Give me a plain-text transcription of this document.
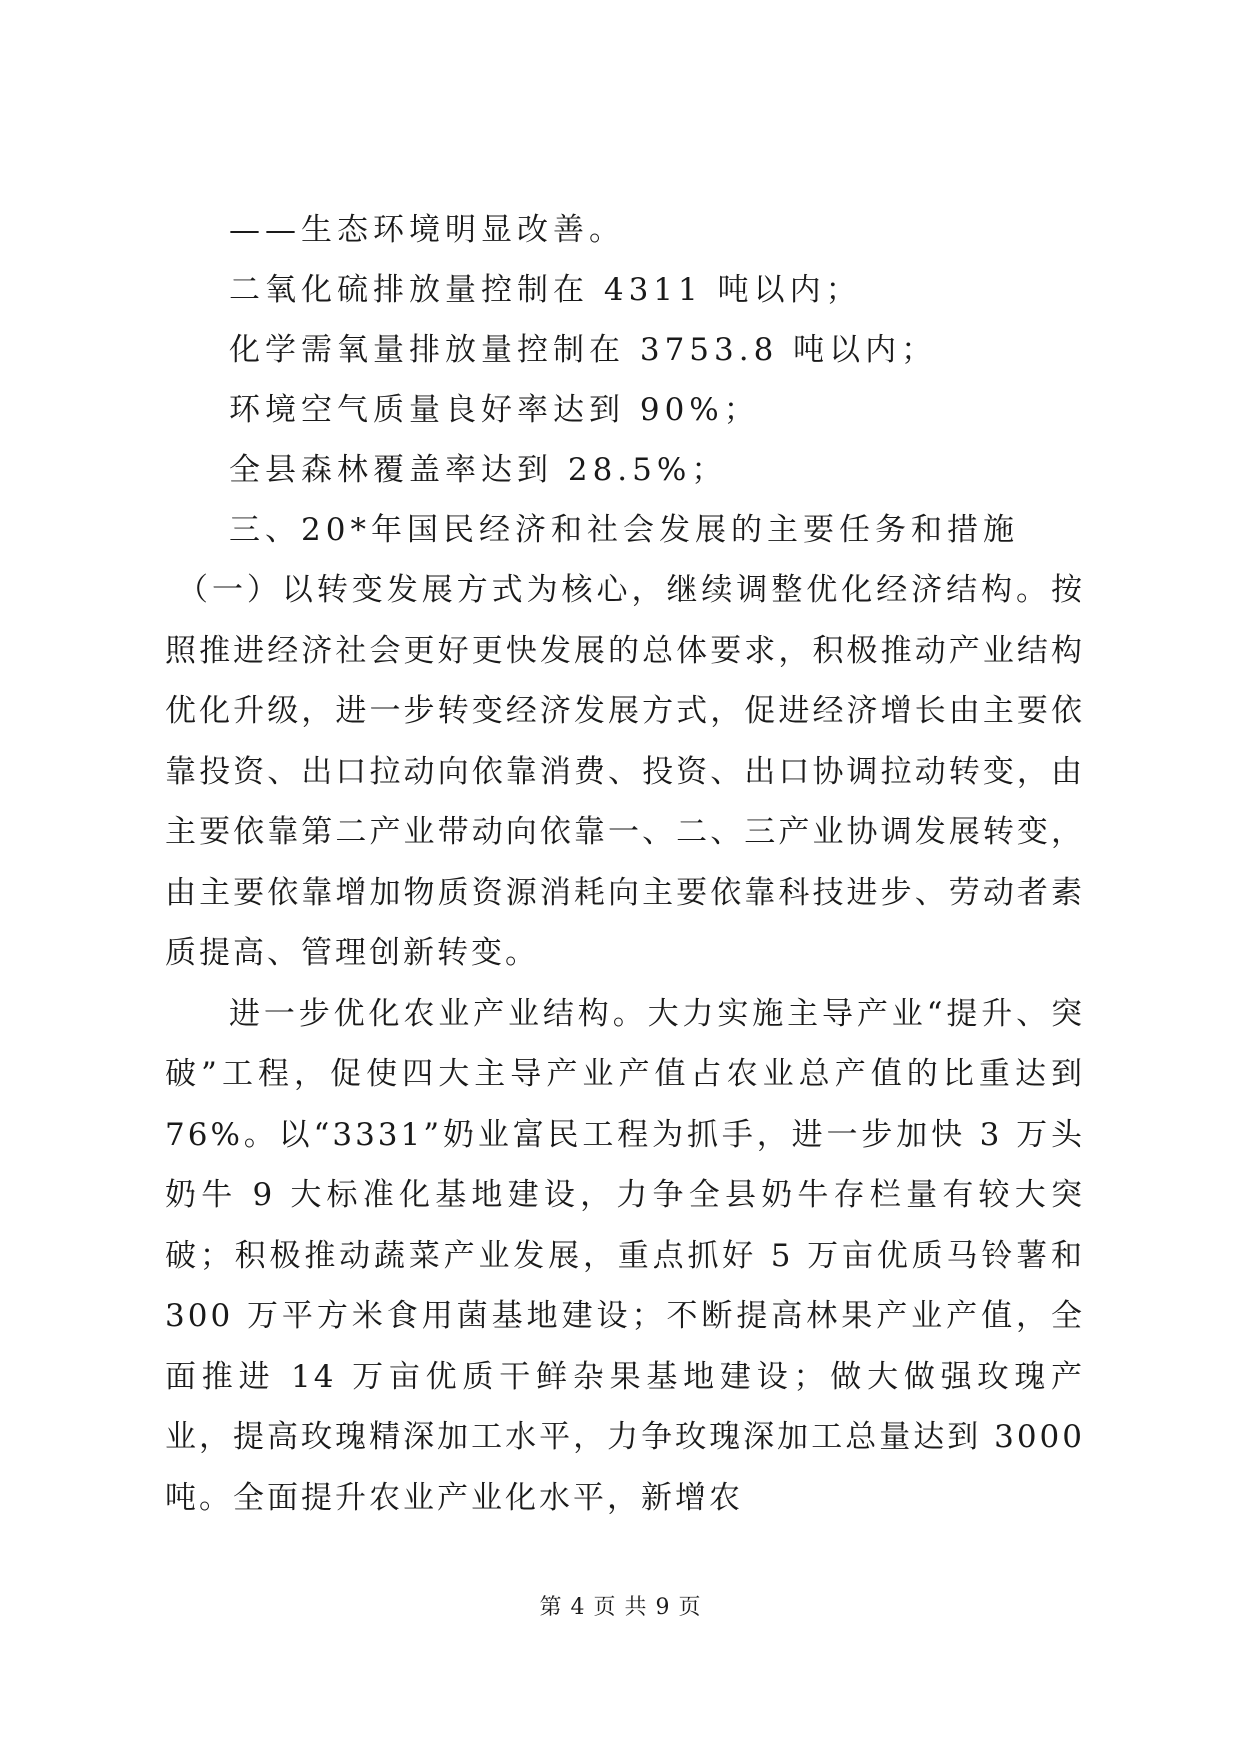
——生态环境明显改善。
二氧化硫排放量控制在 4311 吨以内；
化学需氧量排放量控制在 3753.8 吨以内；
环境空气质量良好率达到 90%；
全县森林覆盖率达到 28.5%；
三、20*年国民经济和社会发展的主要任务和措施

（一）以转变发展方式为核心，继续调整优化经济结构。按照推进经济社会更好更快发展的总体要求，积极推动产业结构优化升级，进一步转变经济发展方式，促进经济增长由主要依靠投资、出口拉动向依靠消费、投资、出口协调拉动转变，由主要依靠第二产业带动向依靠一、二、三产业协调发展转变，由主要依靠增加物质资源消耗向主要依靠科技进步、劳动者素质提高、管理创新转变。

进一步优化农业产业结构。大力实施主导产业“提升、突破”工程，促使四大主导产业产值占农业总产值的比重达到 76%。以“3331”奶业富民工程为抓手，进一步加快 3 万头奶牛 9 大标准化基地建设，力争全县奶牛存栏量有较大突破；积极推动蔬菜产业发展，重点抓好 5 万亩优质马铃薯和 300 万平方米食用菌基地建设；不断提高林果产业产值，全面推进 14 万亩优质干鲜杂果基地建设；做大做强玫瑰产业，提高玫瑰精深加工水平，力争玫瑰深加工总量达到 3000 吨。全面提升农业产业化水平，新增农

第 4 页 共 9 页
